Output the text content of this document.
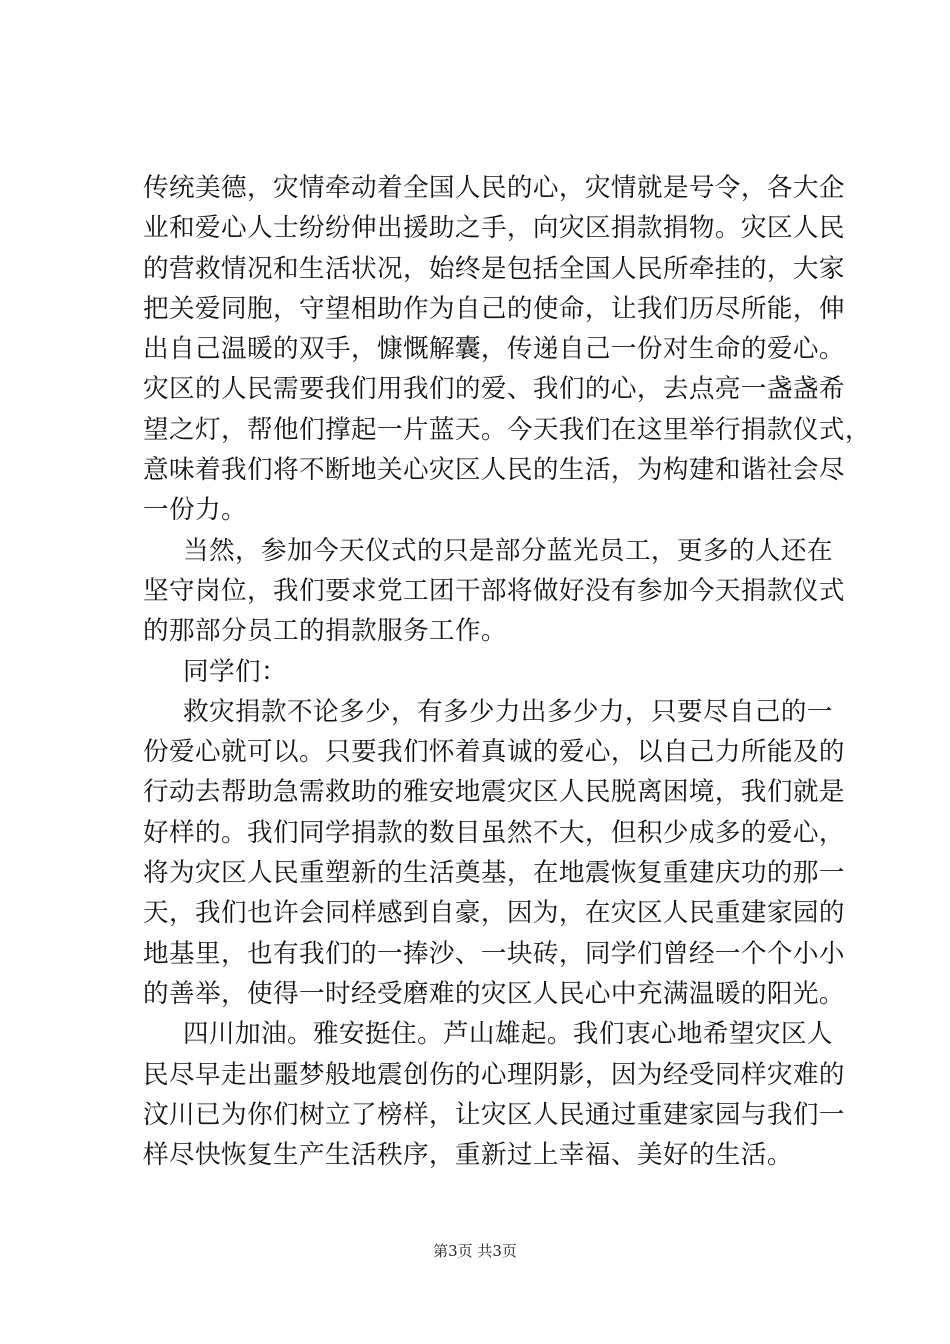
传统美德，灾情牵动着全国人民的心，灾情就是号令，各大企
业和爱心人士纷纷伸出援助之手，向灾区捐款捐物。灾区人民
的营救情况和生活状况，始终是包括全国人民所牵挂的，大家
把关爱同胞，守望相助作为自己的使命，让我们历尽所能，伸
出自己温暖的双手，慷慨解囊，传递自己一份对生命的爱心。
灾区的人民需要我们用我们的爱、我们的心，去点亮一盏盏希
望之灯，帮他们撑起一片蓝天。今天我们在这里举行捐款仪式，
意味着我们将不断地关心灾区人民的生活，为构建和谐社会尽
一份力。
当然，参加今天仪式的只是部分蓝光员工，更多的人还在
坚守岗位，我们要求党工团干部将做好没有参加今天捐款仪式
的那部分员工的捐款服务工作。
同学们：
救灾捐款不论多少，有多少力出多少力，只要尽自己的一
份爱心就可以。只要我们怀着真诚的爱心，以自己力所能及的
行动去帮助急需救助的雅安地震灾区人民脱离困境，我们就是
好样的。我们同学捐款的数目虽然不大，但积少成多的爱心，
将为灾区人民重塑新的生活奠基，在地震恢复重建庆功的那一
天，我们也许会同样感到自豪，因为，在灾区人民重建家园的
地基里，也有我们的一捧沙、一块砖，同学们曾经一个个小小
的善举，使得一时经受磨难的灾区人民心中充满温暖的阳光。
四川加油。雅安挺住。芦山雄起。我们衷心地希望灾区人
民尽早走出噩梦般地震创伤的心理阴影，因为经受同样灾难的
汶川已为你们树立了榜样，让灾区人民通过重建家园与我们一
样尽快恢复生产生活秩序，重新过上幸福、美好的生活。
第3页 共3页
